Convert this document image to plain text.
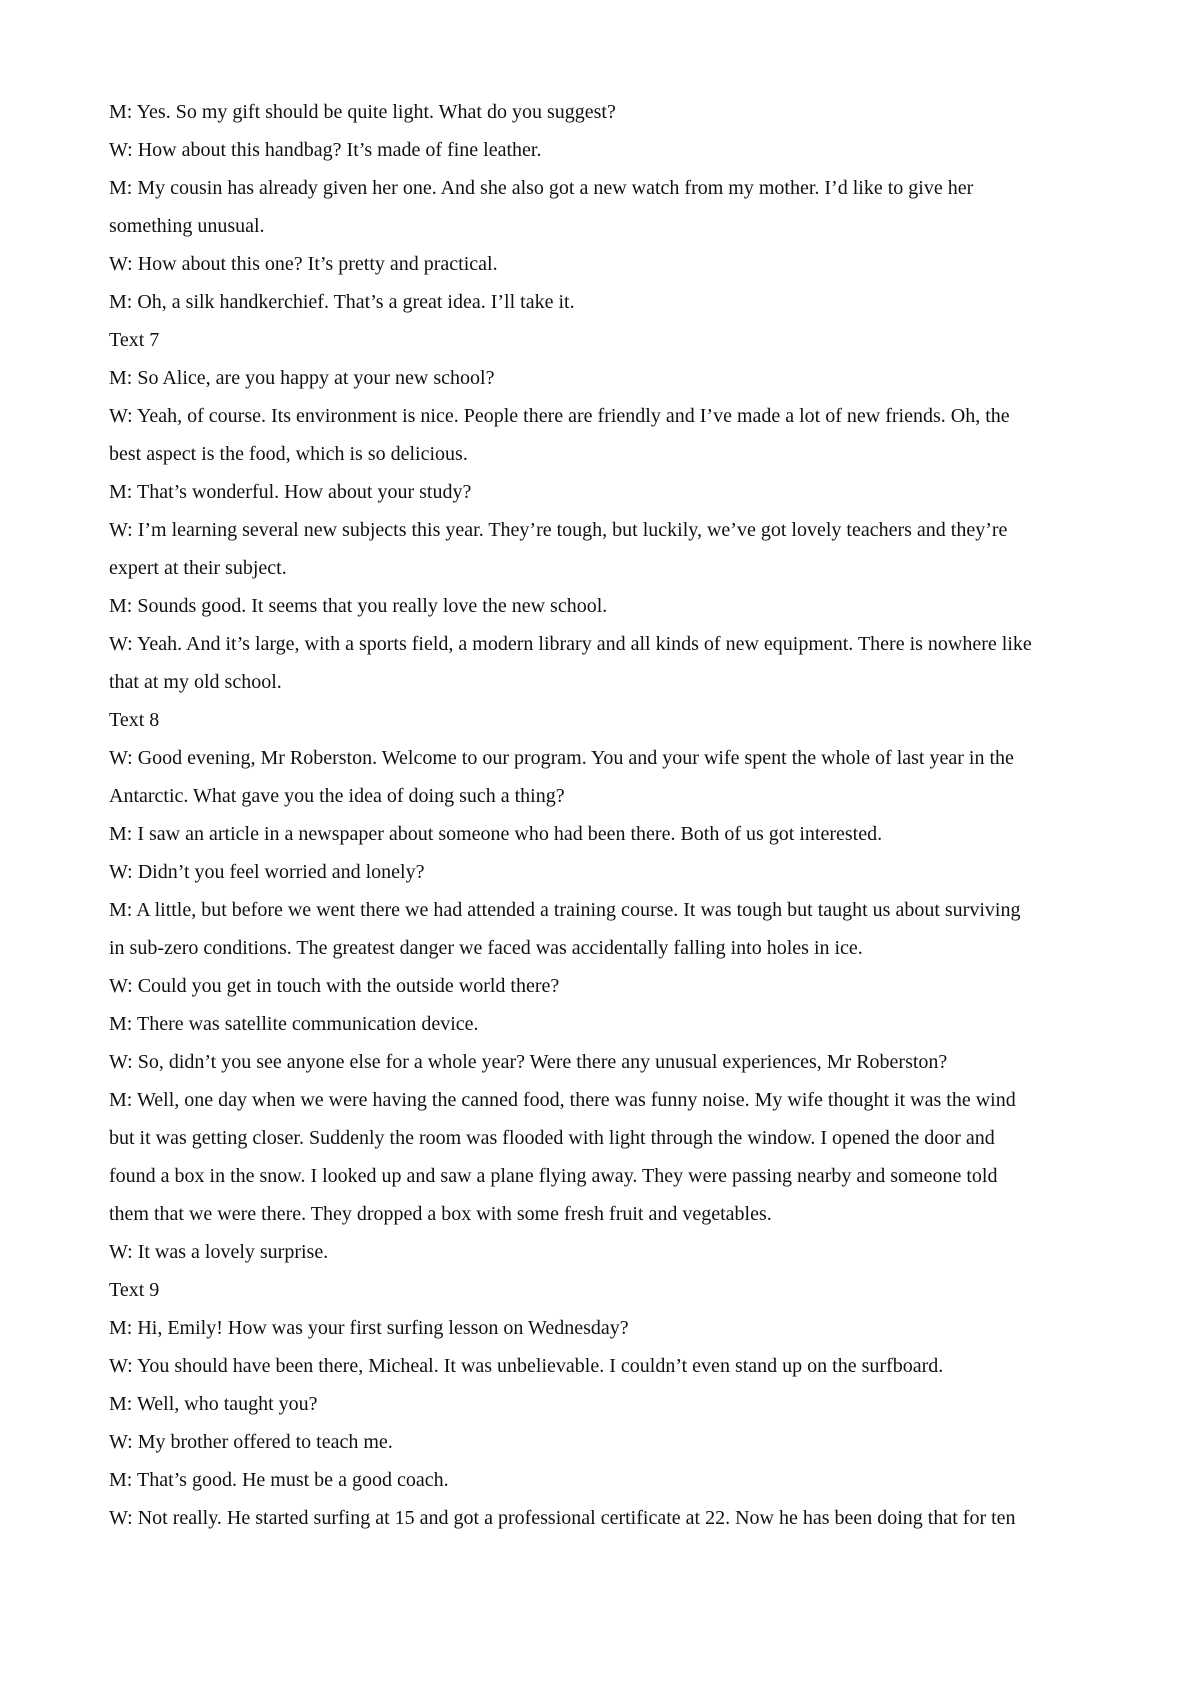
M: Yes. So my gift should be quite light. What do you suggest?
W: How about this handbag? It’s made of fine leather.
M: My cousin has already given her one. And she also got a new watch from my mother. I’d like to give her
something unusual.
W: How about this one? It’s pretty and practical.
M: Oh, a silk handkerchief. That’s a great idea. I’ll take it.
Text 7
M: So Alice, are you happy at your new school?
W: Yeah, of course. Its environment is nice. People there are friendly and I’ve made a lot of new friends. Oh, the
best aspect is the food, which is so delicious.
M: That’s wonderful. How about your study?
W: I’m learning several new subjects this year. They’re tough, but luckily, we’ve got lovely teachers and they’re
expert at their subject.
M: Sounds good. It seems that you really love the new school.
W: Yeah. And it’s large, with a sports field, a modern library and all kinds of new equipment. There is nowhere like
that at my old school.
Text 8
W: Good evening, Mr Roberston. Welcome to our program. You and your wife spent the whole of last year in the
Antarctic. What gave you the idea of doing such a thing?
M: I saw an article in a newspaper about someone who had been there. Both of us got interested.
W: Didn’t you feel worried and lonely?
M: A little, but before we went there we had attended a training course. It was tough but taught us about surviving
in sub-zero conditions. The greatest danger we faced was accidentally falling into holes in ice.
W: Could you get in touch with the outside world there?
M: There was satellite communication device.
W: So, didn’t you see anyone else for a whole year? Were there any unusual experiences, Mr Roberston?
M: Well, one day when we were having the canned food, there was funny noise. My wife thought it was the wind
but it was getting closer. Suddenly the room was flooded with light through the window. I opened the door and
found a box in the snow. I looked up and saw a plane flying away. They were passing nearby and someone told
them that we were there. They dropped a box with some fresh fruit and vegetables.
W: It was a lovely surprise.
Text 9
M: Hi, Emily! How was your first surfing lesson on Wednesday?
W: You should have been there, Micheal. It was unbelievable. I couldn’t even stand up on the surfboard.
M: Well, who taught you?
W: My brother offered to teach me.
M: That’s good. He must be a good coach.
W: Not really. He started surfing at 15 and got a professional certificate at 22. Now he has been doing that for ten
